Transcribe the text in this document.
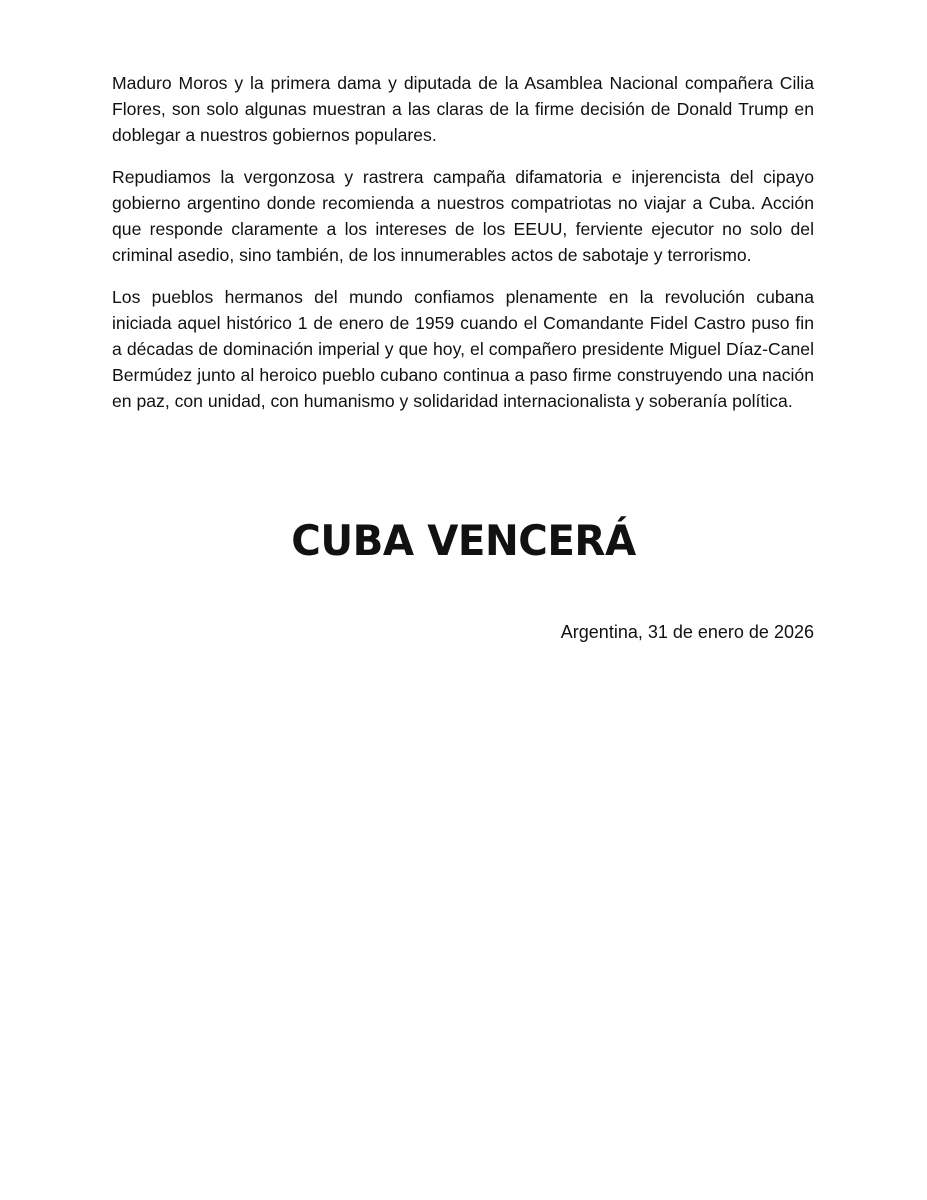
Maduro Moros y la primera dama y diputada de la Asamblea Nacional compañera Cilia Flores, son solo algunas muestran a las claras de la firme decisión de Donald Trump en doblegar a nuestros gobiernos populares.

Repudiamos la vergonzosa y rastrera campaña difamatoria e injerencista del cipayo gobierno argentino donde recomienda a nuestros compatriotas no viajar a Cuba. Acción que responde claramente a los intereses de los EEUU, ferviente ejecutor no solo del criminal asedio, sino también, de los innumerables actos de sabotaje y terrorismo.

Los pueblos hermanos del mundo confiamos plenamente en la revolución cubana iniciada aquel histórico 1 de enero de 1959 cuando el Comandante Fidel Castro puso fin a décadas de dominación imperial y que hoy, el compañero presidente Miguel Díaz-Canel Bermúdez junto al heroico pueblo cubano continua a paso firme construyendo una nación en paz, con unidad, con humanismo y solidaridad internacionalista y soberanía política.

CUBA VENCERÁ
Argentina, 31 de enero de 2026
